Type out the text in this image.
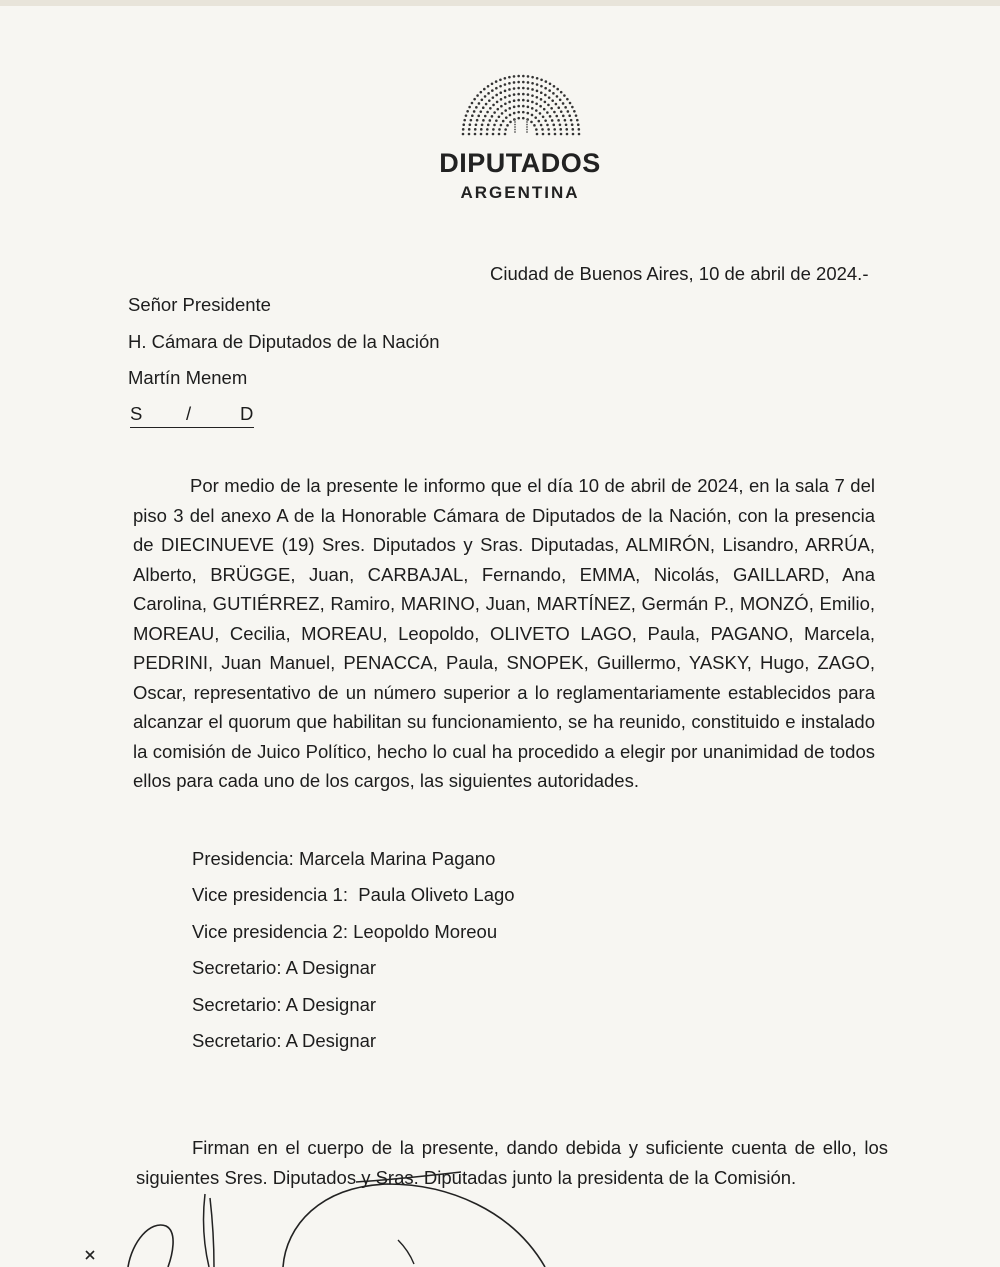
DIPUTADOS
ARGENTINA
Ciudad de Buenos Aires, 10 de abril de 2024.-
Señor Presidente
H. Cámara de Diputados de la Nación
Martín Menem
S /	D

Por medio de la presente le informo que el día 10 de abril de 2024, en la sala 7 del piso 3 del anexo A de la Honorable Cámara de Diputados de la Nación, con la presencia de DIECINUEVE (19) Sres. Diputados y Sras. Diputadas, ALMIRÓN, Lisandro, ARRÚA, Alberto, BRÜGGE, Juan, CARBAJAL, Fernando, EMMA, Nicolás, GAILLARD, Ana Carolina, GUTIÉRREZ, Ramiro, MARINO, Juan, MARTÍNEZ, Germán P., MONZÓ, Emilio, MOREAU, Cecilia, MOREAU, Leopoldo, OLIVETO LAGO, Paula, PAGANO, Marcela, PEDRINI, Juan Manuel, PENACCA, Paula, SNOPEK, Guillermo, YASKY, Hugo, ZAGO, Oscar, representativo de un número superior a lo reglamentariamente establecidos para alcanzar el quorum que habilitan su funcionamiento, se ha reunido, constituido e instalado la comisión de Juico Político, hecho lo cual ha procedido a elegir por unanimidad de todos ellos para cada uno de los cargos, las siguientes autoridades.

Presidencia: Marcela Marina Pagano
Vice presidencia 1:  Paula Oliveto Lago
Vice presidencia 2: Leopoldo Moreou
Secretario: A Designar
Secretario: A Designar
Secretario: A Designar

Firman en el cuerpo de la presente, dando debida y suficiente cuenta de ello, los siguientes Sres. Diputados y Sras. Diputadas junto la presidenta de la Comisión.
